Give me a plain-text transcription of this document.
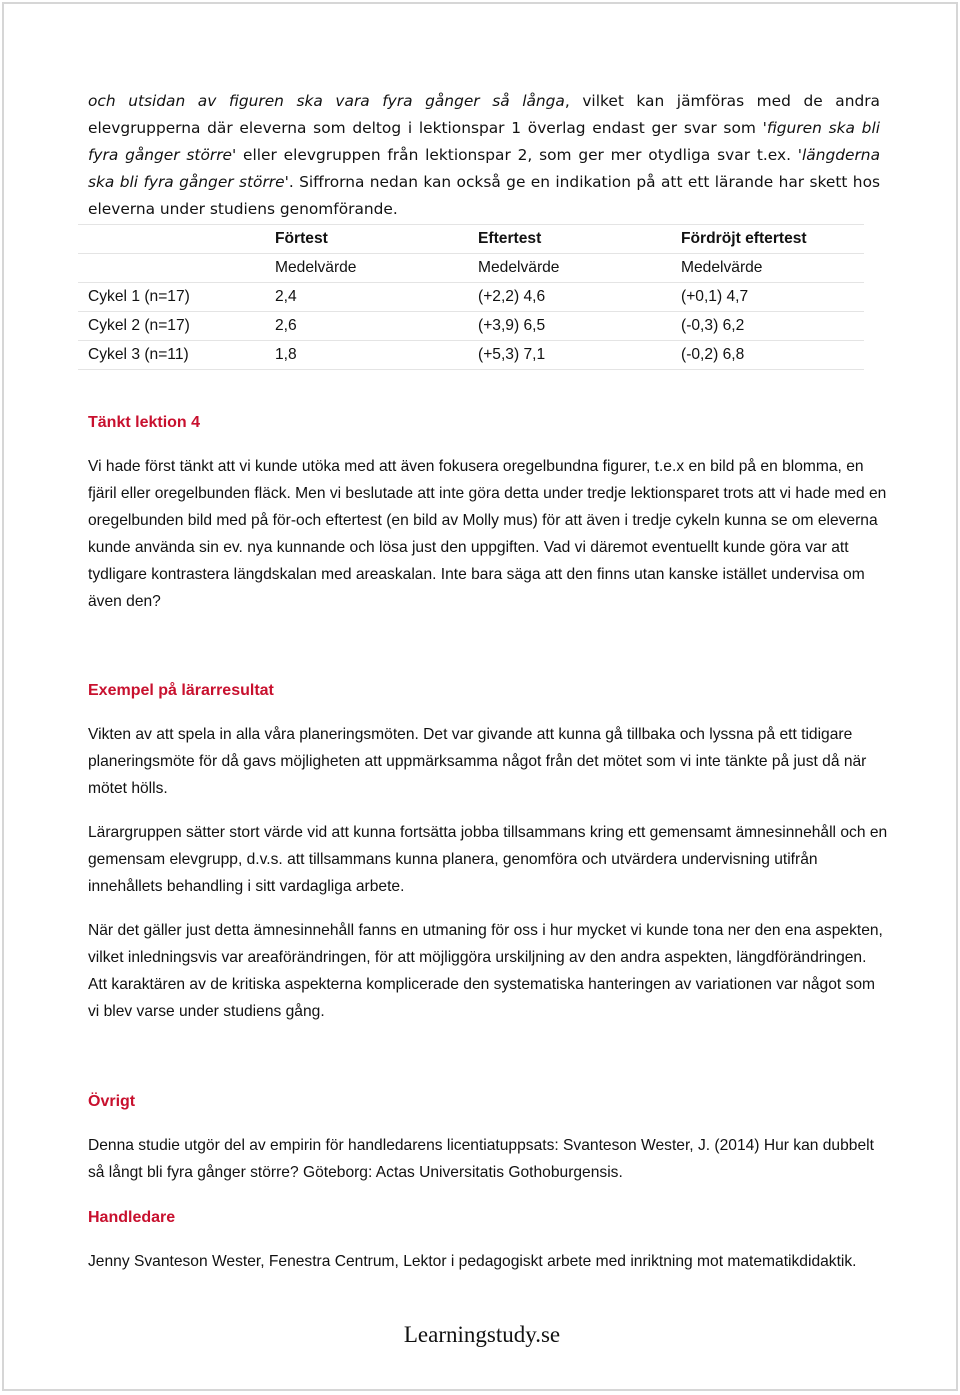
och utsidan av figuren ska vara fyra gånger så långa, vilket kan jämföras med de andra elevgrupperna där eleverna som deltog i lektionspar 1 överlag endast ger svar som 'figuren ska bli fyra gånger större' eller elevgruppen från lektionspar 2, som ger mer otydliga svar t.ex. 'längderna ska bli fyra gånger större'. Siffrorna nedan kan också ge en indikation på att ett lärande har skett hos eleverna under studiens genomförande.

	Förtest	Eftertest	Fördröjt eftertest
	Medelvärde	Medelvärde	Medelvärde
Cykel 1 (n=17)	2,4	(+2,2) 4,6	(+0,1) 4,7
Cykel 2 (n=17)	2,6	(+3,9) 6,5	(-0,3) 6,2
Cykel 3 (n=11)	1,8	(+5,3) 7,1	(-0,2) 6,8
Tänkt lektion 4

Vi hade först tänkt att vi kunde utöka med att även fokusera oregelbundna figurer, t.e.x en bild på en blomma, en fjäril eller oregelbunden fläck. Men vi beslutade att inte göra detta under tredje lektionsparet trots att vi hade med en oregelbunden bild med på för-och eftertest (en bild av Molly mus) för att även i tredje cykeln kunna se om eleverna kunde använda sin ev. nya kunnande och lösa just den uppgiften. Vad vi däremot eventuellt kunde göra var att tydligare kontrastera längdskalan med areaskalan. Inte bara säga att den finns utan kanske istället undervisa om även den?

Exempel på lärarresultat

Vikten av att spela in alla våra planeringsmöten. Det var givande att kunna gå tillbaka och lyssna på ett tidigare planeringsmöte för då gavs möjligheten att uppmärksamma något från det mötet som vi inte tänkte på just då när mötet hölls.

Lärargruppen sätter stort värde vid att kunna fortsätta jobba tillsammans kring ett gemensamt ämnesinnehåll och en gemensam elevgrupp, d.v.s. att tillsammans kunna planera, genomföra och utvärdera undervisning utifrån innehållets behandling i sitt vardagliga arbete.

När det gäller just detta ämnesinnehåll fanns en utmaning för oss i hur mycket vi kunde tona ner den ena aspekten, vilket inledningsvis var areaförändringen, för att möjliggöra urskiljning av den andra aspekten, längdförändringen. Att karaktären av de kritiska aspekterna komplicerade den systematiska hanteringen av variationen var något som vi blev varse under studiens gång.

Övrigt

Denna studie utgör del av empirin för handledarens licentiatuppsats: Svanteson Wester, J. (2014) Hur kan dubbelt så långt bli fyra gånger större? Göteborg: Actas Universitatis Gothoburgensis.

Handledare

Jenny Svanteson Wester, Fenestra Centrum, Lektor i pedagogiskt arbete med inriktning mot matematikdidaktik.

Learningstudy.se
